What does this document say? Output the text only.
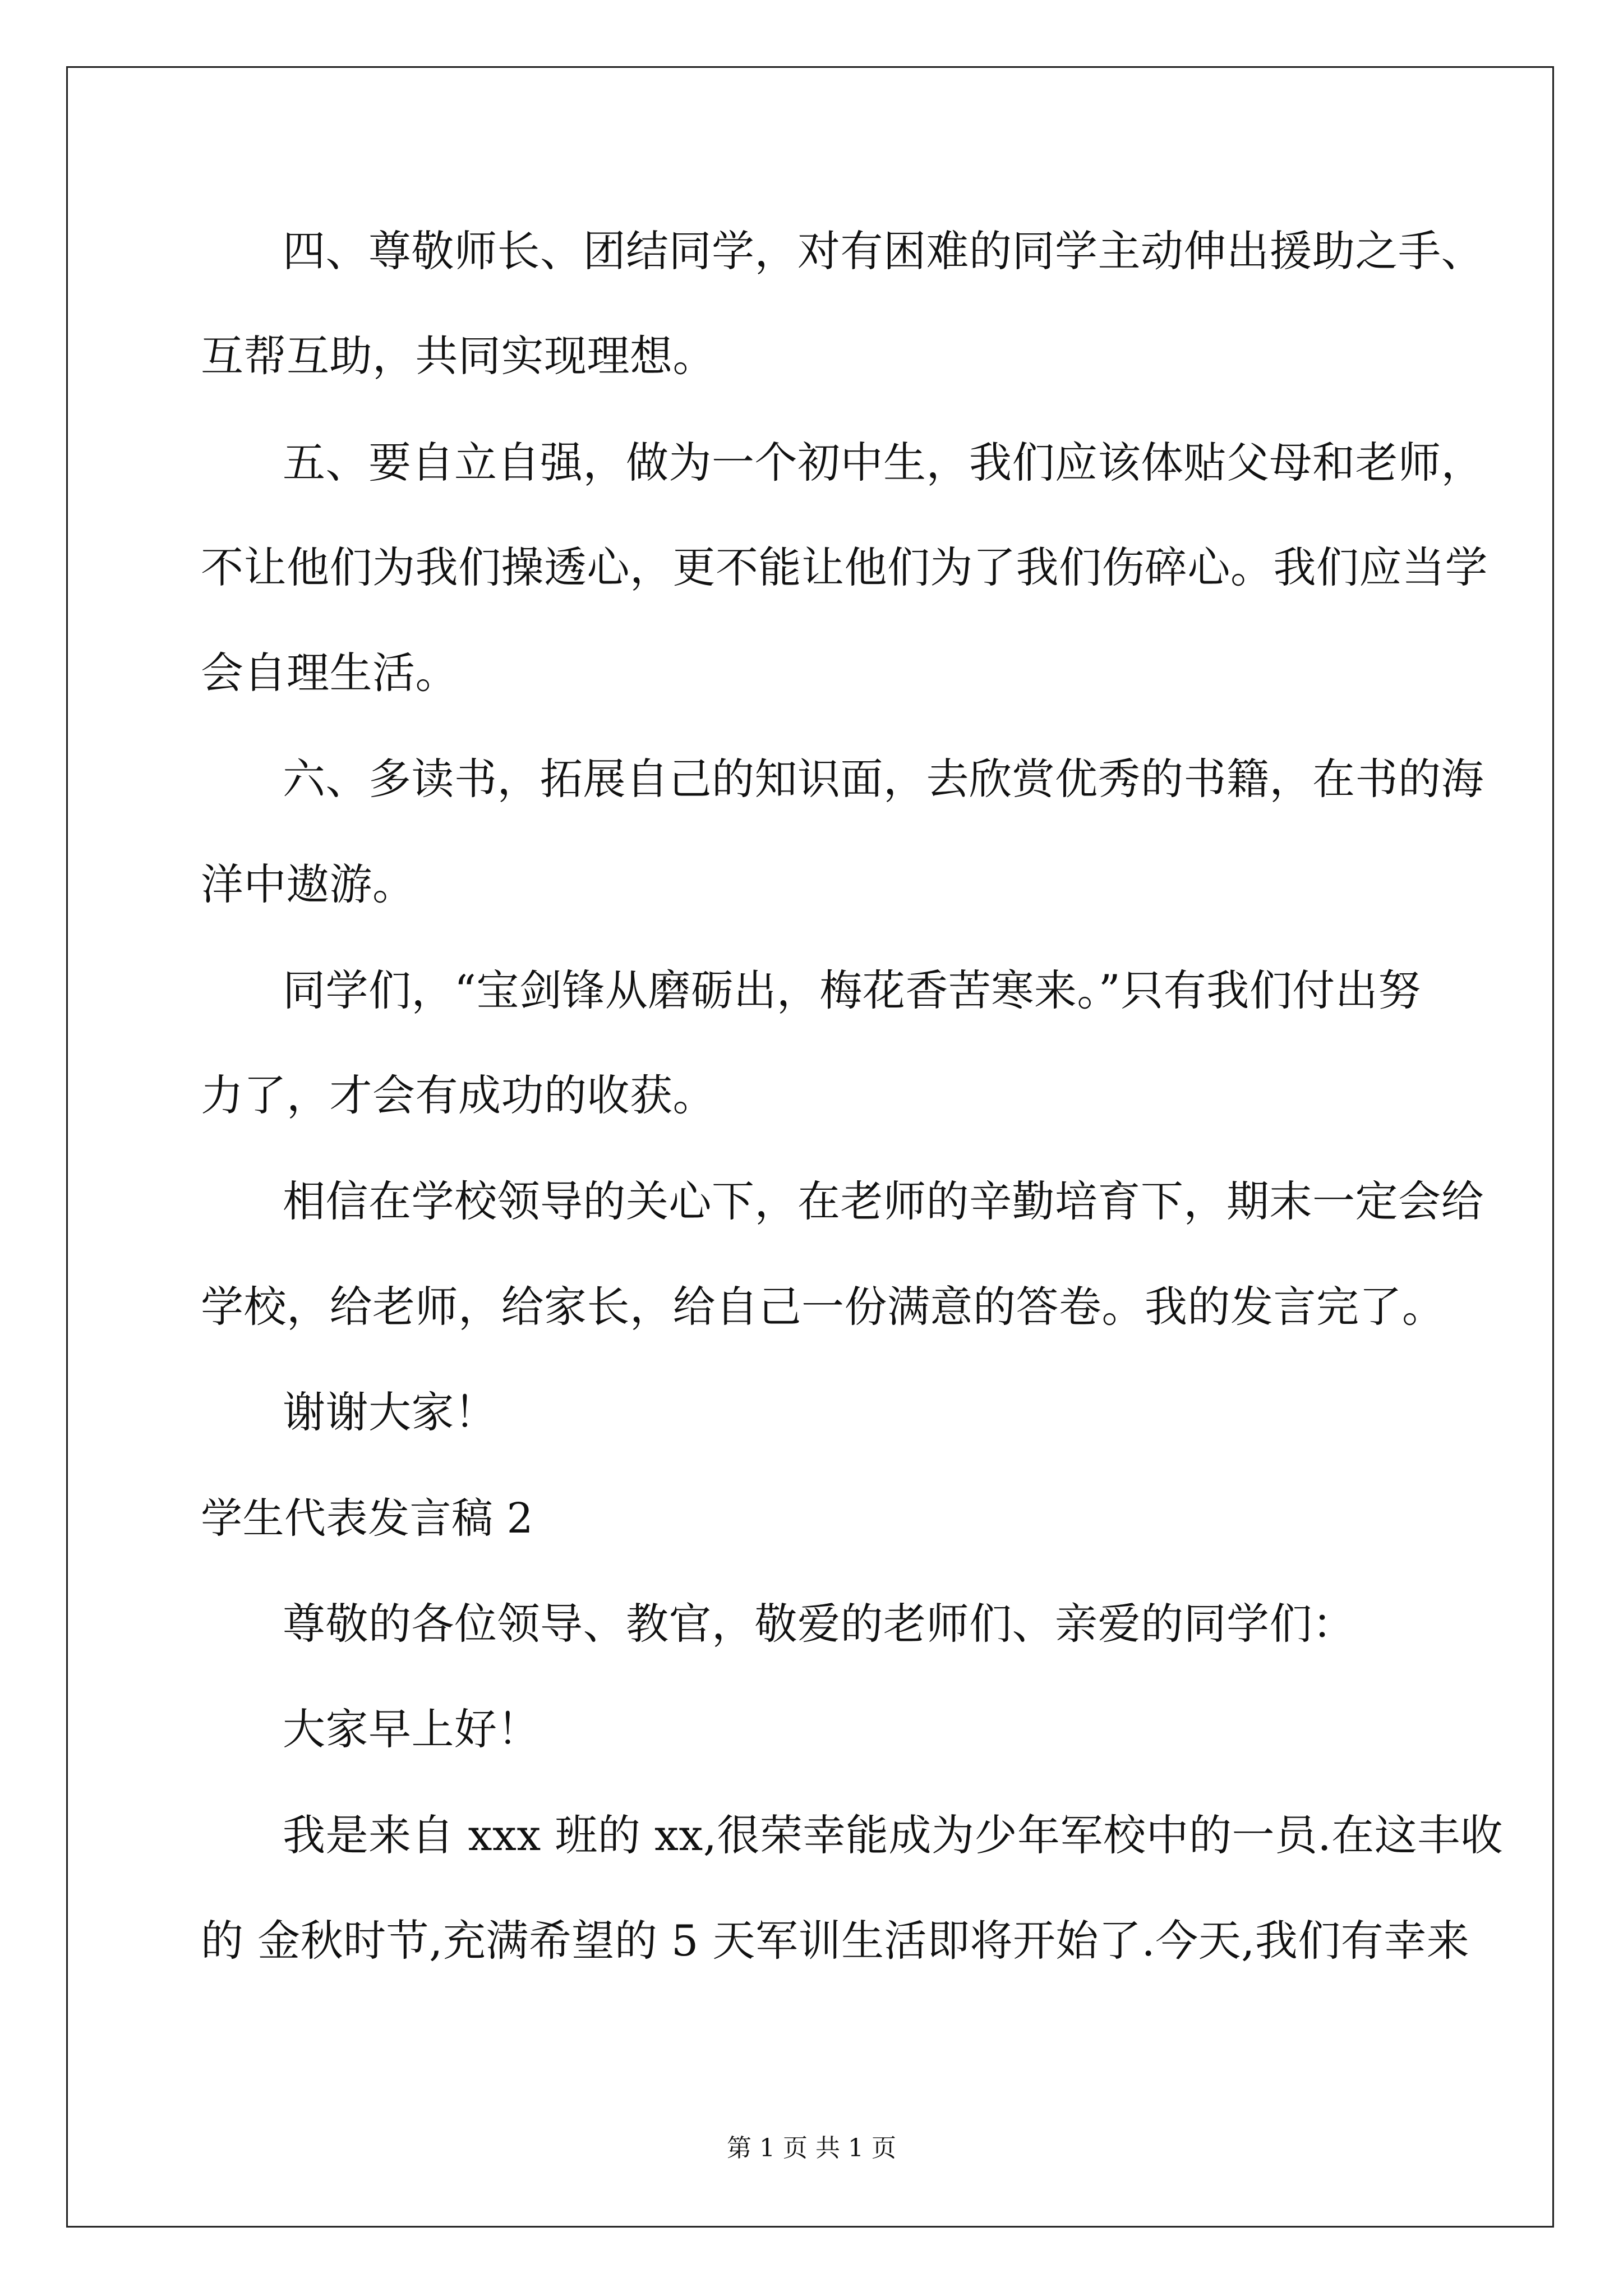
四、尊敬师长、团结同学，对有困难的同学主动伸出援助之手、
互帮互助，共同实现理想。
五、要自立自强，做为一个初中生，我们应该体贴父母和老师，
不让他们为我们操透心，更不能让他们为了我们伤碎心。我们应当学
会自理生活。
六、多读书，拓展自己的知识面，去欣赏优秀的书籍，在书的海
洋中遨游。
同学们，“宝剑锋从磨砺出，梅花香苦寒来。”只有我们付出努
力了，才会有成功的收获。
相信在学校领导的关心下，在老师的辛勤培育下，期末一定会给
学校，给老师，给家长，给自己一份满意的答卷。我的发言完了。
谢谢大家！
学生代表发言稿 2
尊敬的各位领导、教官，敬爱的老师们、亲爱的同学们：
大家早上好！
我是来自 xxx 班的 xx,很荣幸能成为少年军校中的一员.在这丰收
的 金秋时节,充满希望的 5 天军训生活即将开始了.今天,我们有幸来
第 1 页 共 1 页
